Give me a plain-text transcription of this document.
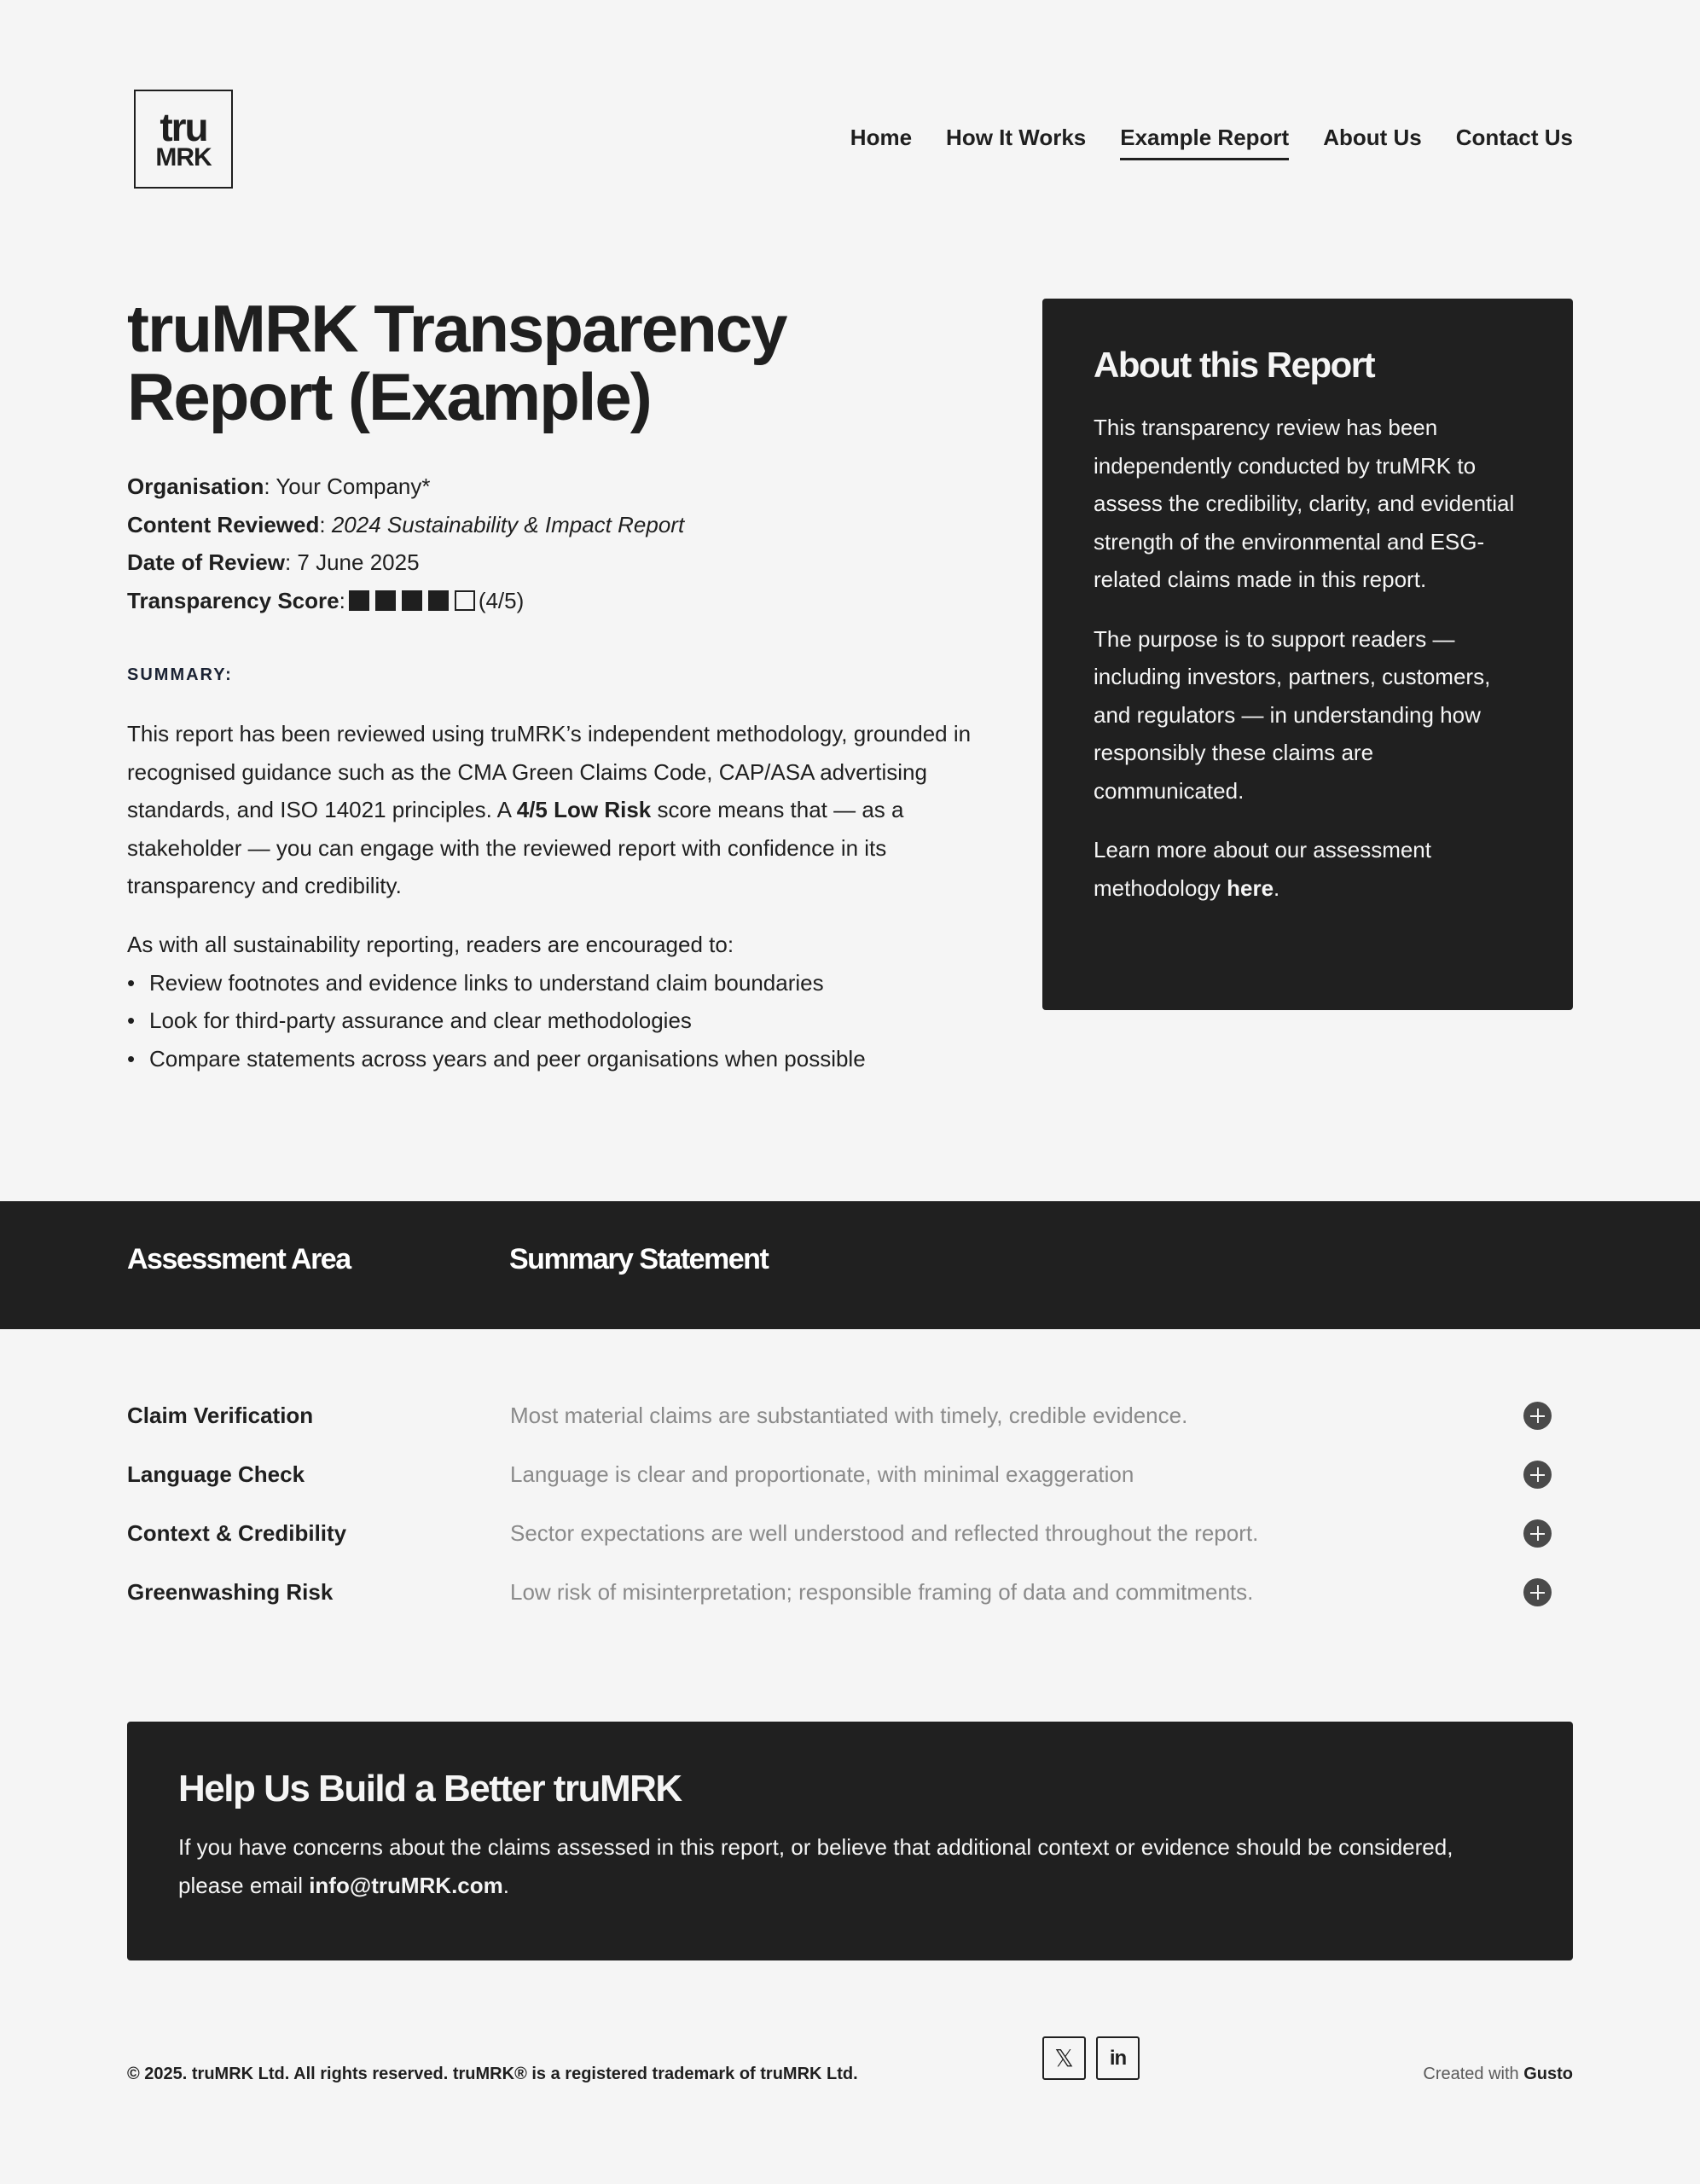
tru
MRK
Home How It Works Example Report About Us Contact Us
truMRK Transparency
Report (Example)
Organisation: Your Company*
Content Reviewed: 2024 Sustainability & Impact Report
Date of Review: 7 June 2025
Transparency Score:	(4/5)
SUMMARY:

This report has been reviewed using truMRK’s independent methodology, grounded in recognised guidance such as the CMA Green Claims Code, CAP/ASA advertising standards, and ISO 14021 principles. A 4/5 Low Risk score means that — as a stakeholder — you can engage with the reviewed report with confidence in its transparency and credibility.

As with all sustainability reporting, readers are encouraged to:
• Review footnotes and evidence links to understand claim boundaries
• Look for third-party assurance and clear methodologies
• Compare statements across years and peer organisations when possible
About this Report

This transparency review has been independently conducted by truMRK to assess the credibility, clarity, and evidential strength of the environmental and ESG-related claims made in this report.

The purpose is to support readers — including investors, partners, customers, and regulators — in understanding how responsibly these claims are communicated.

Learn more about our assessment methodology here.

Assessment Area	Summary Statement
Claim Verification	Most material claims are substantiated with timely, credible evidence.
Language Check	Language is clear and proportionate, with minimal exaggeration
Context & Credibility	Sector expectations are well understood and reflected throughout the report.
Greenwashing Risk	Low risk of misinterpretation; responsible framing of data and commitments.
Help Us Build a Better truMRK

If you have concerns about the claims assessed in this report, or believe that additional context or evidence should be considered, please email info@truMRK.com.

© 2025. truMRK Ltd. All rights reserved. truMRK® is a registered trademark of truMRK Ltd.
𝕏 in
Created with Gusto
